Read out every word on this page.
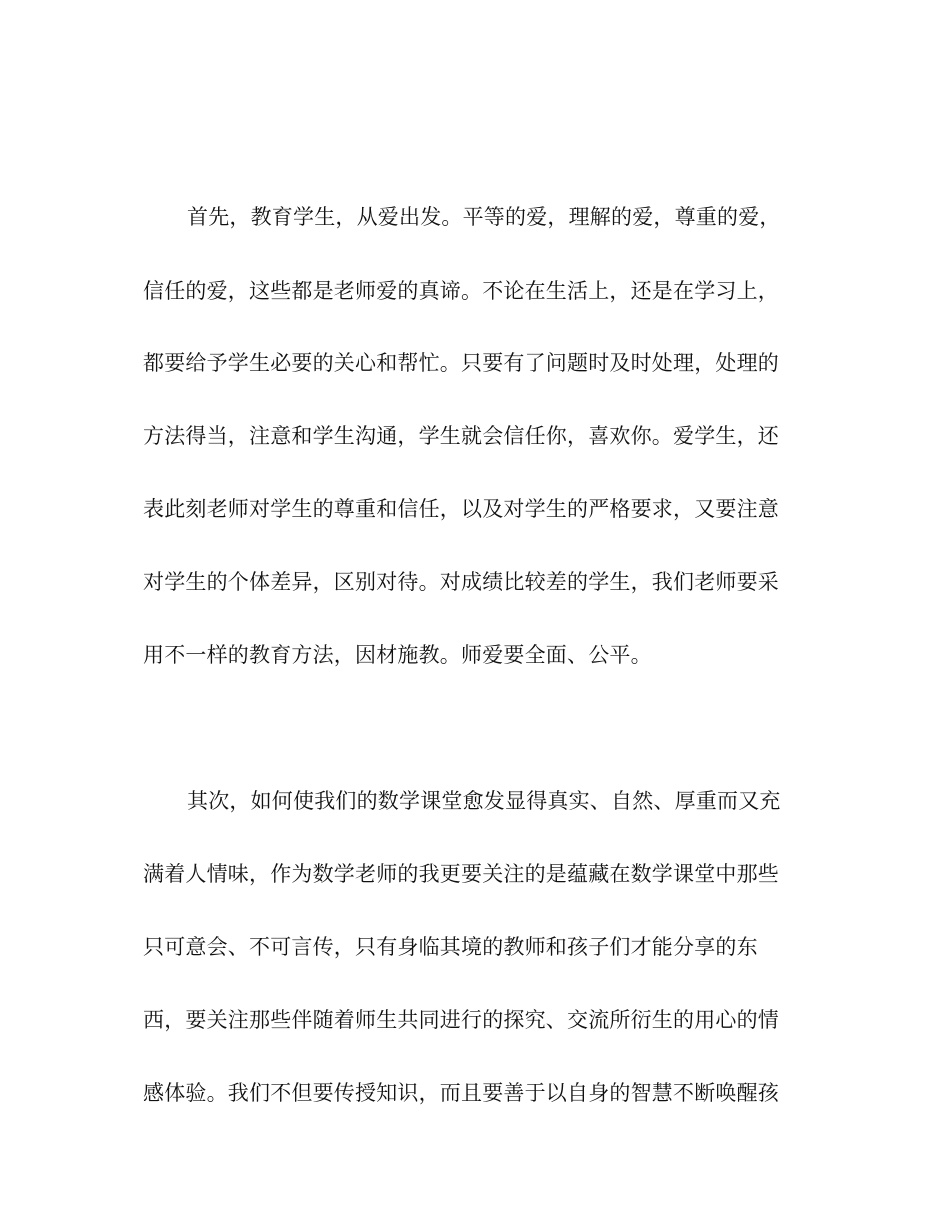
首先，教育学生，从爱出发。平等的爱，理解的爱，尊重的爱，
信任的爱，这些都是老师爱的真谛。不论在生活上，还是在学习上，
都要给予学生必要的关心和帮忙。只要有了问题时及时处理，处理的
方法得当，注意和学生沟通，学生就会信任你，喜欢你。爱学生，还
表此刻老师对学生的尊重和信任，以及对学生的严格要求，又要注意
对学生的个体差异，区别对待。对成绩比较差的学生，我们老师要采
用不一样的教育方法，因材施教。师爱要全面、公平。
其次，如何使我们的数学课堂愈发显得真实、自然、厚重而又充
满着人情味，作为数学老师的我更要关注的是蕴藏在数学课堂中那些
只可意会、不可言传，只有身临其境的教师和孩子们才能分享的东
西，要关注那些伴随着师生共同进行的探究、交流所衍生的用心的情
感体验。我们不但要传授知识，而且要善于以自身的智慧不断唤醒孩
